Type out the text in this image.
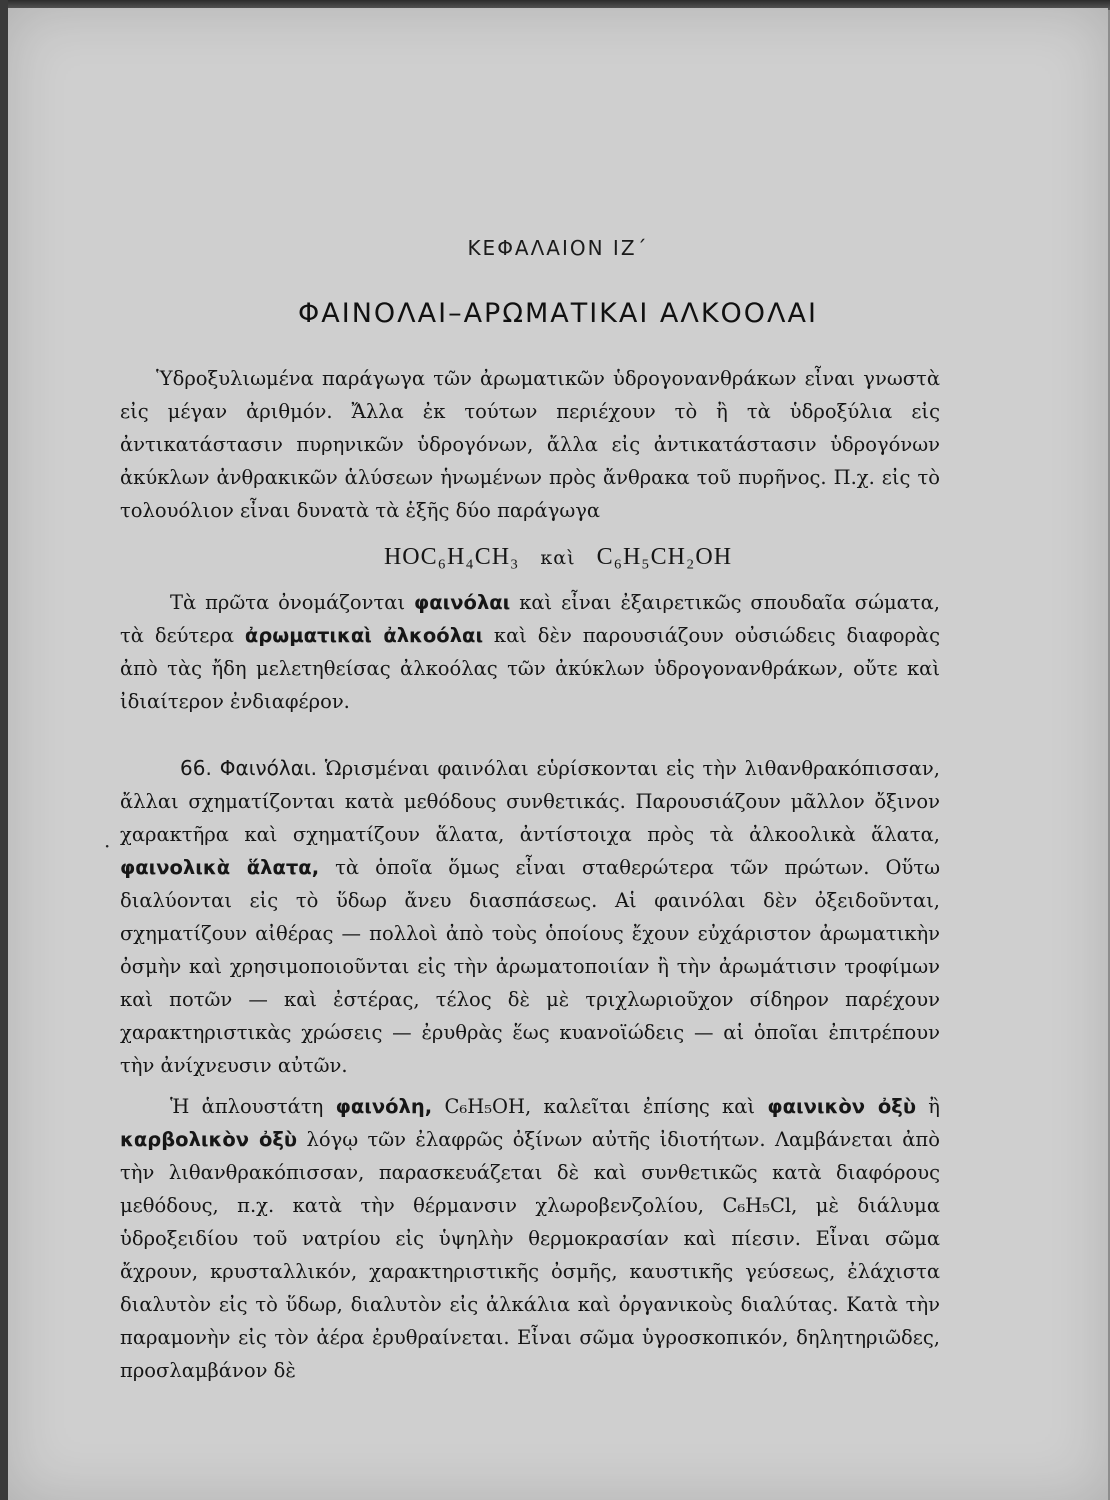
ΚΕΦΑΛΑΙΟΝ ΙΖ΄
ΦΑΙΝΟΛΑΙ–ΑΡΩΜΑΤΙΚΑΙ ΑΛΚΟΟΛΑΙ
Ὑδροξυλιωμένα παράγωγα τῶν ἀρωματικῶν ὑδρογονανθράκων εἶναι γνωστὰ εἰς μέγαν ἀριθμόν. Ἄλλα ἐκ τούτων περιέχουν τὸ ἢ τὰ ὑδροξύλια εἰς ἀντικατάστασιν πυρηνικῶν ὑδρογόνων, ἄλλα εἰς ἀντικατάστασιν ὑδρογόνων ἀκύκλων ἀνθρακικῶν ἁλύσεων ἡνωμένων πρὸς ἄνθρακα τοῦ πυρῆνος. Π.χ. εἰς τὸ τολουόλιον εἶναι δυνατὰ τὰ ἑξῆς δύο παράγωγα
HOC₆H₄CH₃ καὶ C₆H₅CH₂OH
Τὰ πρῶτα ὀνομάζονται φαινόλαι καὶ εἶναι ἐξαιρετικῶς σπουδαῖα σώματα, τὰ δεύτερα ἀρωματικαὶ ἀλκοόλαι καὶ δὲν παρουσιάζουν οὐσιώδεις διαφορὰς ἀπὸ τὰς ἤδη μελετηθείσας ἀλκοόλας τῶν ἀκύκλων ὑδρογονανθράκων, οὔτε καὶ ἰδιαίτερον ἐνδιαφέρον.
·
66. Φαινόλαι. Ὡρισμέναι φαινόλαι εὑρίσκονται εἰς τὴν λιθανθρακόπισσαν, ἄλλαι σχηματίζονται κατὰ μεθόδους συνθετικάς. Παρουσιάζουν μᾶλλον ὄξινον χαρακτῆρα καὶ σχηματίζουν ἅλατα, ἀντίστοιχα πρὸς τὰ ἀλκοολικὰ ἅλατα, φαινολικὰ ἅλατα, τὰ ὁποῖα ὅμως εἶναι σταθερώτερα τῶν πρώτων. Οὕτω διαλύονται εἰς τὸ ὕδωρ ἄνευ διασπάσεως. Αἱ φαινόλαι δὲν ὀξειδοῦνται, σχηματίζουν αἰθέρας — πολλοὶ ἀπὸ τοὺς ὁποίους ἔχουν εὐχάριστον ἀρωματικὴν ὀσμὴν καὶ χρησιμοποιοῦνται εἰς τὴν ἀρωματοποιίαν ἢ τὴν ἀρωμάτισιν τροφίμων καὶ ποτῶν — καὶ ἐστέρας, τέλος δὲ μὲ τριχλωριοῦχον σίδηρον παρέχουν χαρακτηριστικὰς χρώσεις — ἐρυθρὰς ἕως κυανοϊώδεις — αἱ ὁποῖαι ἐπιτρέπουν τὴν ἀνίχνευσιν αὐτῶν.
Ἡ ἁπλουστάτη φαινόλη, C₆H₅OH, καλεῖται ἐπίσης καὶ φαινικὸν ὀξὺ ἢ καρβολικὸν ὀξὺ λόγῳ τῶν ἐλαφρῶς ὀξίνων αὐτῆς ἰδιοτήτων. Λαμβάνεται ἀπὸ τὴν λιθανθρακόπισσαν, παρασκευάζεται δὲ καὶ συνθετικῶς κατὰ διαφόρους μεθόδους, π.χ. κατὰ τὴν θέρμανσιν χλωροβενζολίου, C₆H₅Cl, μὲ διάλυμα ὑδροξειδίου τοῦ νατρίου εἰς ὑψηλὴν θερμοκρασίαν καὶ πίεσιν. Εἶναι σῶμα ἄχρουν, κρυσταλλικόν, χαρακτηριστικῆς ὀσμῆς, καυστικῆς γεύσεως, ἐλάχιστα διαλυτὸν εἰς τὸ ὕδωρ, διαλυτὸν εἰς ἀλκάλια καὶ ὀργανικοὺς διαλύτας. Κατὰ τὴν παραμονὴν εἰς τὸν ἀέρα ἐρυθραίνεται. Εἶναι σῶμα ὑγροσκοπικόν, δηλητηριῶδες, προσλαμβάνον δὲ
